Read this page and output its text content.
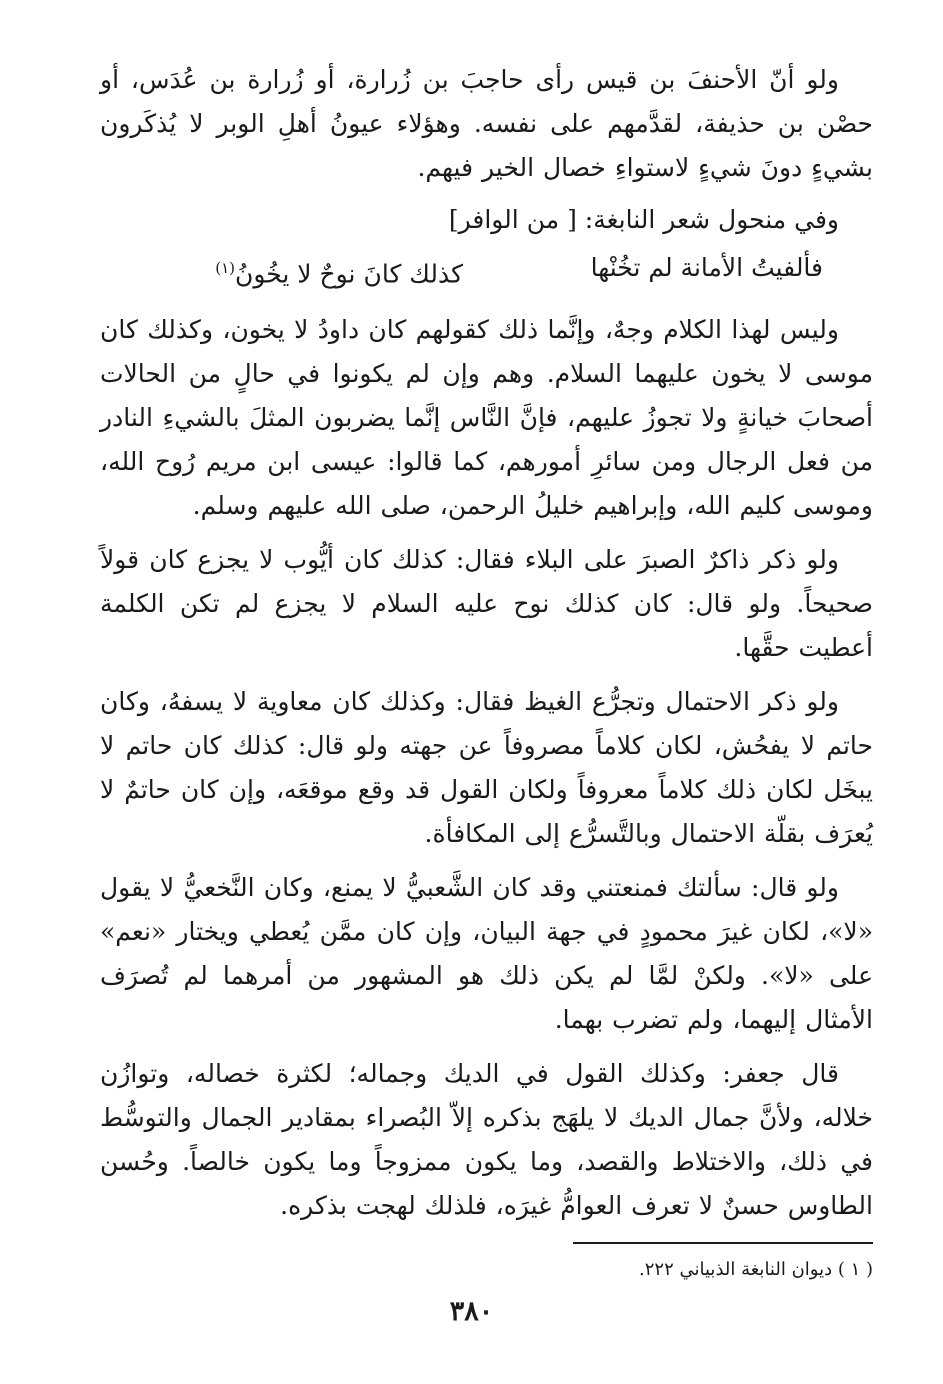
ولو أنّ الأحنفَ بن قيس رأى حاجبَ بن زُرارة، أو زُرارة بن عُدَس، أو حصْن بن حذيفة، لقدَّمهم على نفسه. وهؤلاء عيونُ أهلِ الوبر لا يُذكَرون بشيءٍ دونَ شيءٍ لاستواءِ خصال الخير فيهم.

وفي منحول شعر النابغة: [ من الوافر]

فألفيتُ الأمانة لم تخُنْها
كذلك كانَ نوحٌ لا يخُونُ$^{(١)}$

وليس لهذا الكلام وجهٌ، وإنَّما ذلك كقولهم كان داودُ لا يخون، وكذلك كان موسى لا يخون عليهما السلام. وهم وإن لم يكونوا في حالٍ من الحالات أصحابَ خيانةٍ ولا تجوزُ عليهم، فإنَّ النَّاس إنَّما يضربون المثلَ بالشيءِ النادر من فعل الرجال ومن سائرِ أمورهم، كما قالوا: عيسى ابن مريم رُوح الله، وموسى كليم الله، وإبراهيم خليلُ الرحمن، صلى الله عليهم وسلم.

ولو ذكر ذاكرٌ الصبرَ على البلاء فقال: كذلك كان أيُّوب لا يجزع كان قولاً صحيحاً. ولو قال: كان كذلك نوح عليه السلام لا يجزع لم تكن الكلمة أعطيت حقَّها.

ولو ذكر الاحتمال وتجرُّع الغيظ فقال: وكذلك كان معاوية لا يسفهُ، وكان حاتم لا يفحُش، لكان كلاماً مصروفاً عن جهته ولو قال: كذلك كان حاتم لا يبخَل لكان ذلك كلاماً معروفاً ولكان القول قد وقع موقعَه، وإن كان حاتمٌ لا يُعرَف بقلّة الاحتمال وبالتَّسرُّع إلى المكافأة.

ولو قال: سألتك فمنعتني وقد كان الشَّعبيُّ لا يمنع، وكان النَّخعيُّ لا يقول «لا»، لكان غيرَ محمودٍ في جهة البيان، وإن كان ممَّن يُعطي ويختار «نعم» على «لا». ولكنْ لمَّا لم يكن ذلك هو المشهور من أمرهما لم تُصرَف الأمثال إليهما، ولم تضرب بهما.

قال جعفر: وكذلك القول في الديك وجماله؛ لكثرة خصاله، وتوازُن خلاله، ولأنَّ جمال الديك لا يلهَج بذكره إلاّ البُصراء بمقادير الجمال والتوسُّط في ذلك، والاختلاط والقصد، وما يكون ممزوجاً وما يكون خالصاً. وحُسن الطاوس حسنٌ لا تعرف العوامُّ غيرَه، فلذلك لهجت بذكره.

( ١ ) ديوان النابغة الذبياني ٢٢٢.

٣٨٠
